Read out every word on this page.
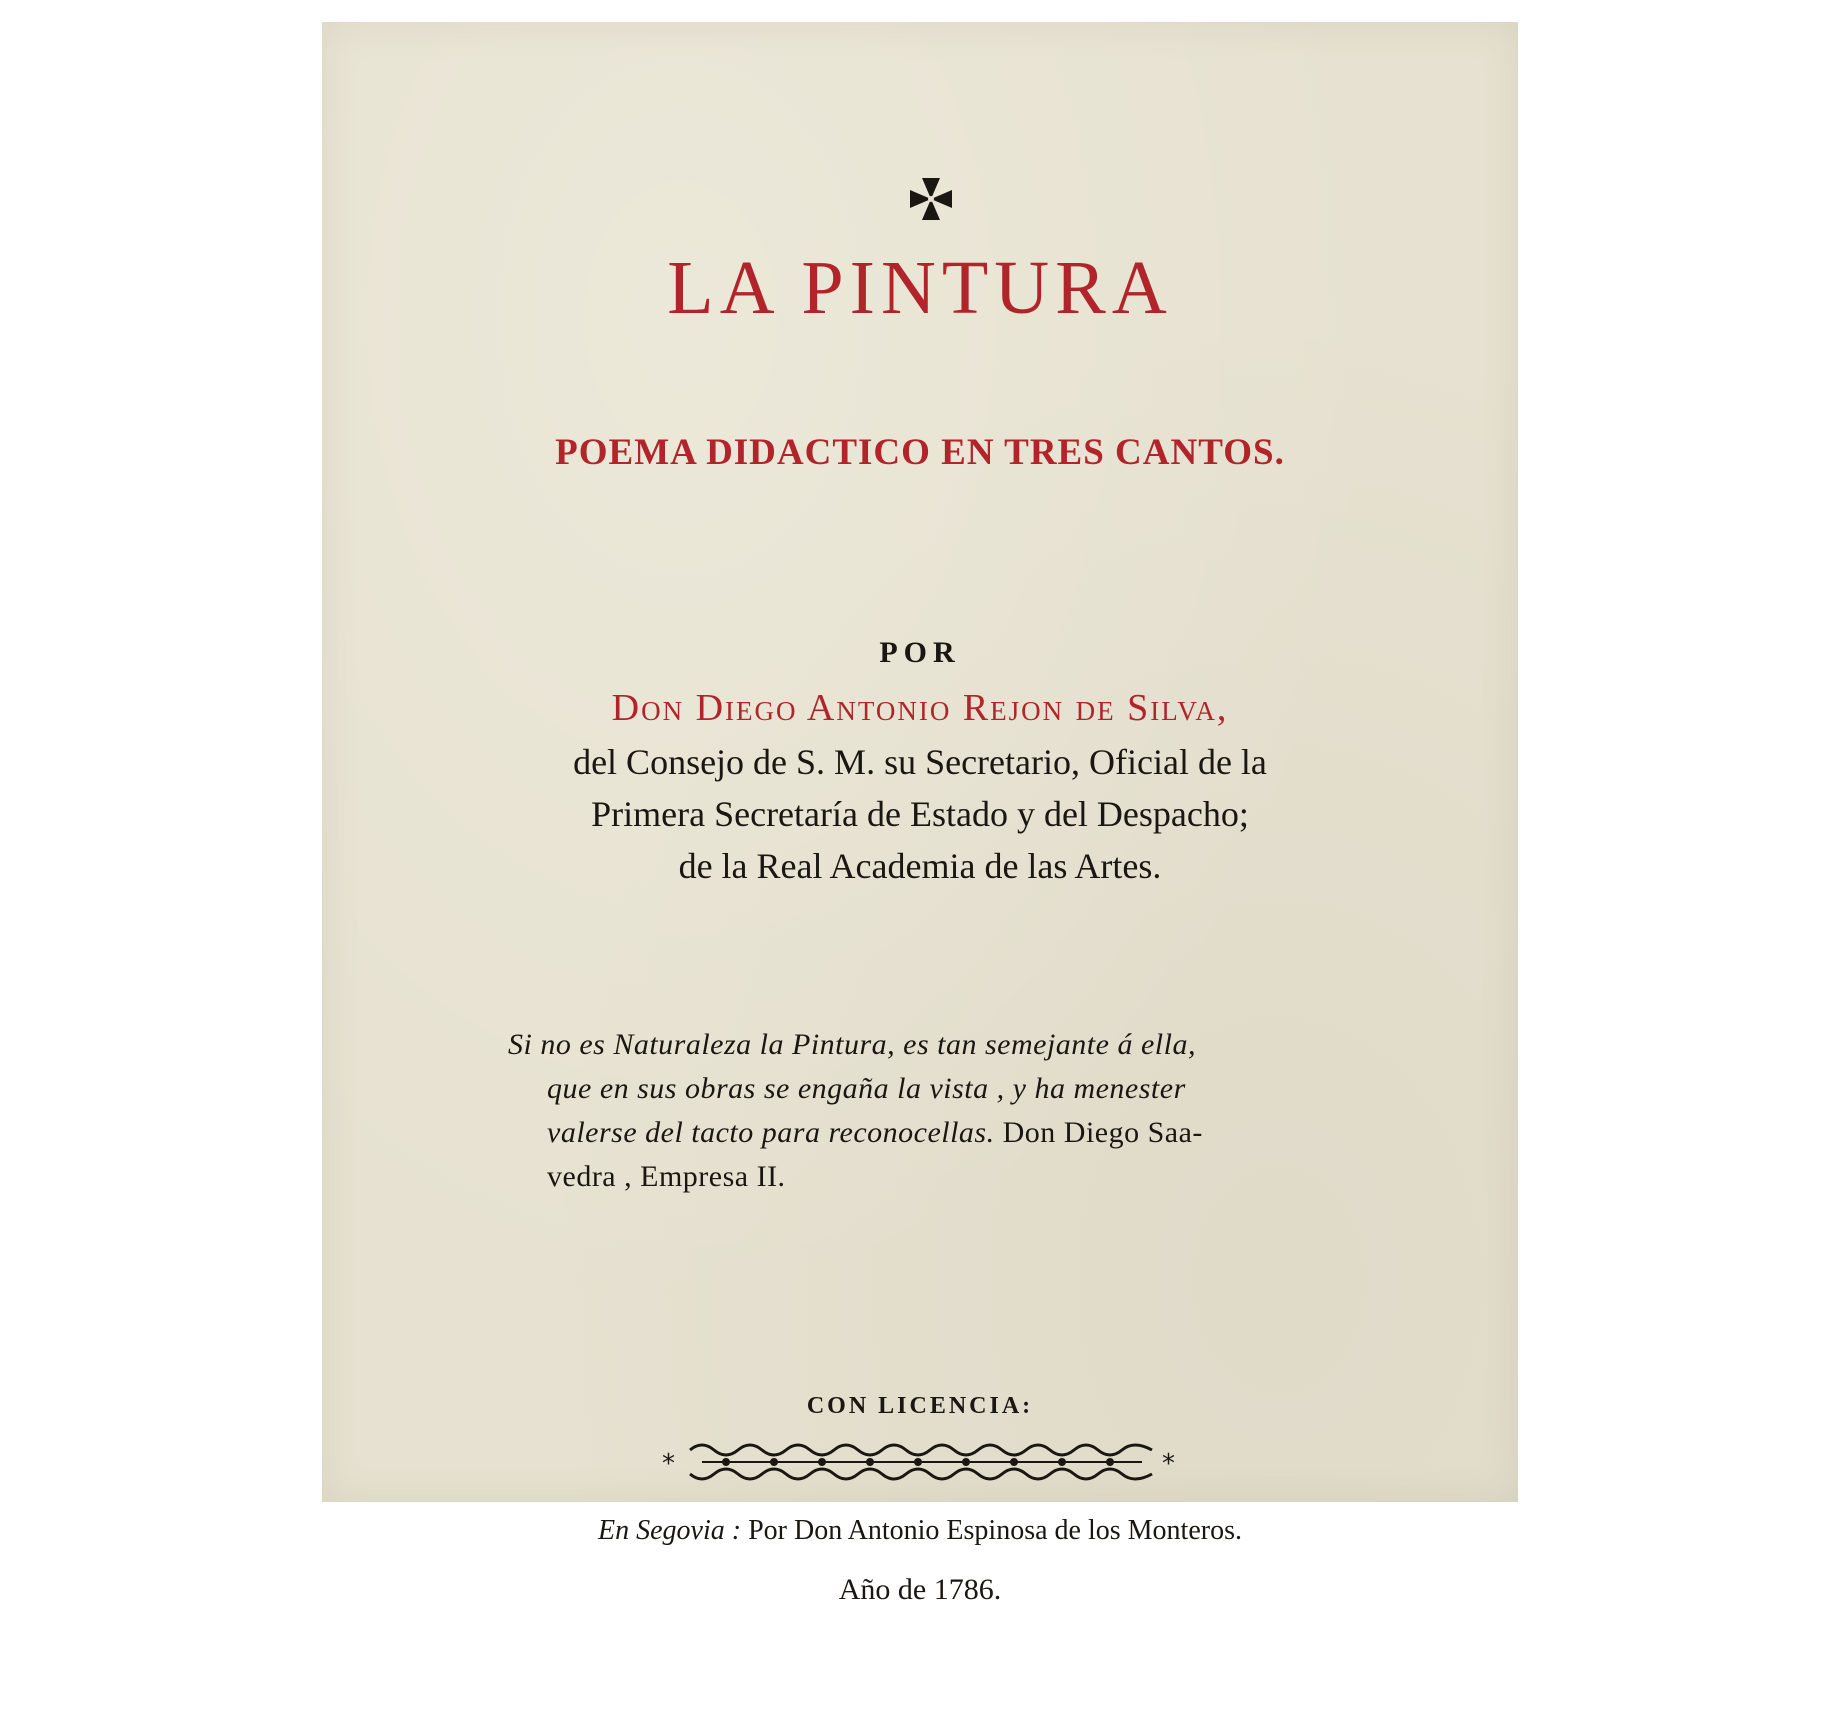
LA PINTURA
POEMA DIDACTICO EN TRES CANTOS.
POR
Don Diego Antonio Rejon de Silva,
del Consejo de S. M. su Secretario, Oficial de la
Primera Secretaría de Estado y del Despacho;
de la Real Academia de las Artes.
Si no es Naturaleza la Pintura, es tan semejante á ella,
que en sus obras se engaña la vista , y ha menester
valerse del tacto para reconocellas. Don Diego Saa-
vedra , Empresa II.
CON LICENCIA:
*	*
En Segovia : Por Don Antonio Espinosa de los Monteros.
Año de 1786.
